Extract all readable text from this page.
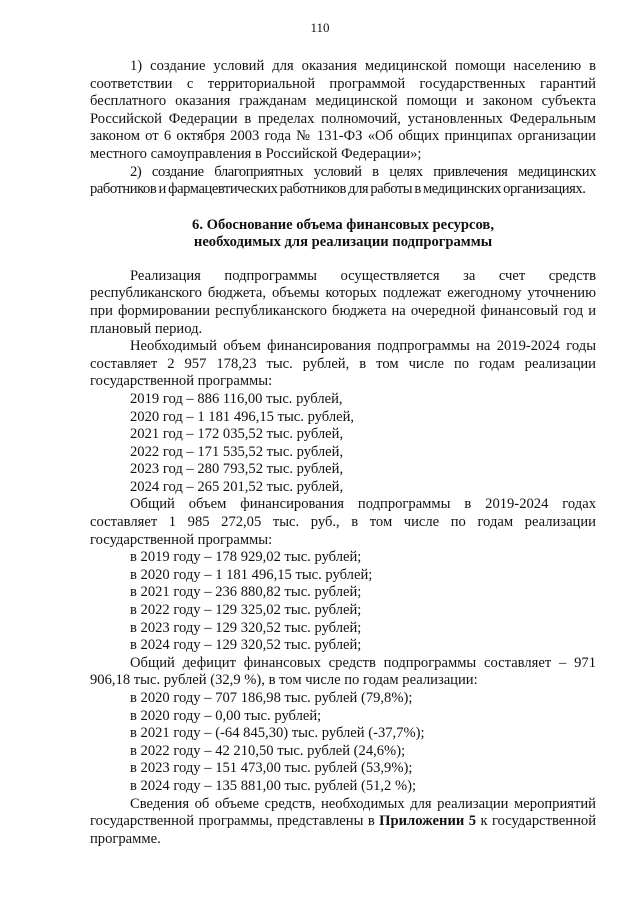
110

1) создание условий для оказания медицинской помощи населению в соответствии с территориальной программой государственных гарантий бесплатного оказания гражданам медицинской помощи и законом субъекта Российской Федерации в пределах полномочий, установленных Федеральным законом от 6 октября 2003 года № 131-ФЗ «Об общих принципах организации местного самоуправления в Российской Федерации»;

2) создание благоприятных условий в целях привлечения медицинских работников и фармацевтических работников для работы в медицинских организациях.

6. Обоснование объема финансовых ресурсов,
необходимых для реализации подпрограммы

Реализация подпрограммы осуществляется за счет средств республиканского бюджета, объемы которых подлежат ежегодному уточнению при формировании республиканского бюджета на очередной финансовый год и плановый период.

Необходимый объем финансирования подпрограммы на 2019-2024 годы составляет 2 957 178,23 тыс. рублей, в том числе по годам реализации государственной программы:

2019 год – 886 116,00 тыс. рублей,
2020 год – 1 181 496,15 тыс. рублей,
2021 год – 172 035,52 тыс. рублей,
2022 год – 171 535,52 тыс. рублей,
2023 год – 280 793,52 тыс. рублей,
2024 год – 265 201,52 тыс. рублей,

Общий объем финансирования подпрограммы в 2019-2024 годах составляет 1 985 272,05 тыс. руб., в том числе по годам реализации государственной программы:

в 2019 году – 178 929,02 тыс. рублей;
в 2020 году – 1 181 496,15 тыс. рублей;
в 2021 году – 236 880,82 тыс. рублей;
в 2022 году – 129 325,02 тыс. рублей;
в 2023 году – 129 320,52 тыс. рублей;
в 2024 году – 129 320,52 тыс. рублей;

Общий дефицит финансовых средств подпрограммы составляет – 971 906,18 тыс. рублей (32,9 %), в том числе по годам реализации:

в 2020 году – 707 186,98 тыс. рублей (79,8%);
в 2020 году – 0,00 тыс. рублей;
в 2021 году – (-64 845,30) тыс. рублей (-37,7%);
в 2022 году – 42 210,50 тыс. рублей (24,6%);
в 2023 году – 151 473,00 тыс. рублей (53,9%);
в 2024 году – 135 881,00 тыс. рублей (51,2 %);

Сведения об объеме средств, необходимых для реализации мероприятий государственной программы, представлены в Приложении 5 к государственной программе.
